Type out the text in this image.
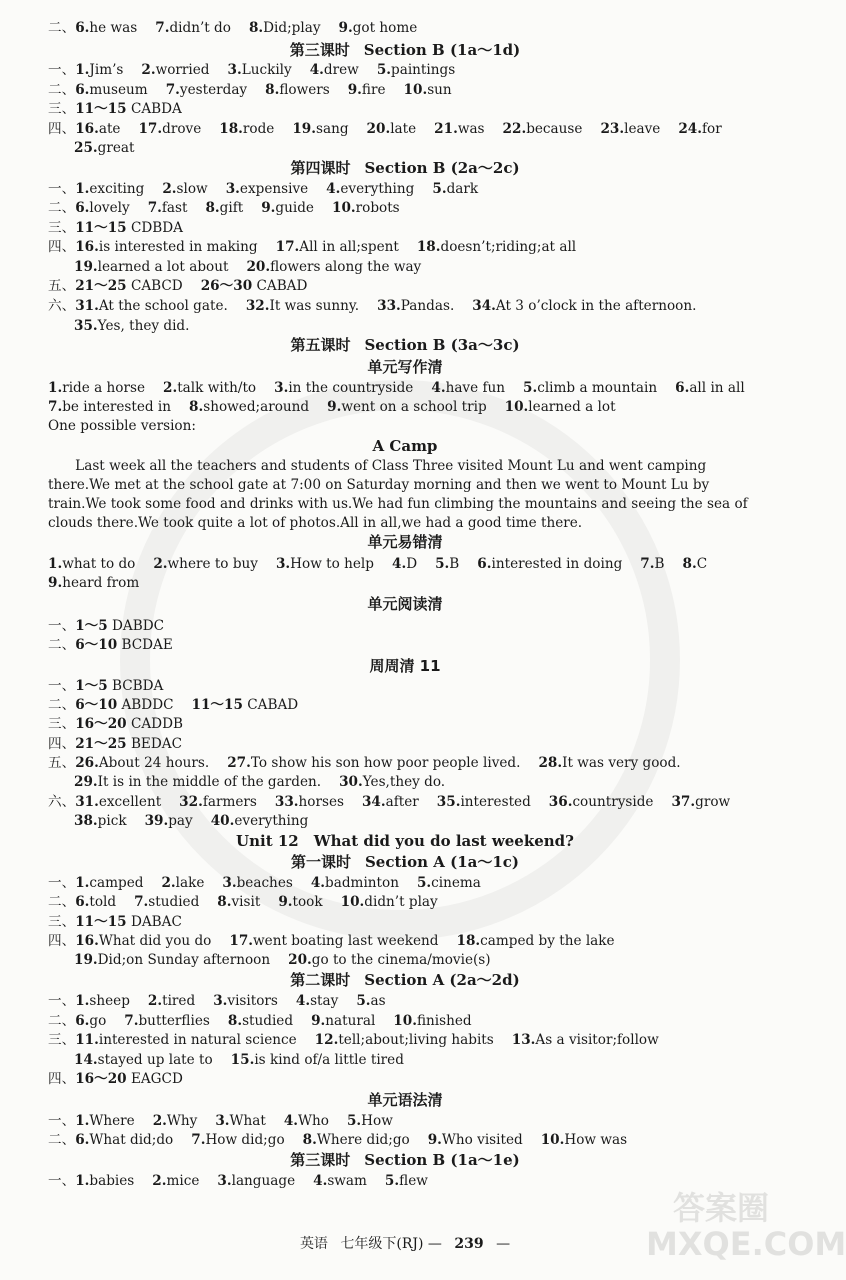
二、6.he was 7.didn’t do 8.Did;play 9.got home
第三课时 Section B (1a～1d)
一、1.Jim’s 2.worried 3.Luckily 4.drew 5.paintings
二、6.museum 7.yesterday 8.flowers 9.fire 10.sun
三、11～15 CABDA
四、16.ate 17.drove 18.rode 19.sang 20.late 21.was 22.because 23.leave 24.for
25.great
第四课时 Section B (2a～2c)
一、1.exciting 2.slow 3.expensive 4.everything 5.dark
二、6.lovely 7.fast 8.gift 9.guide 10.robots
三、11～15 CDBDA
四、16.is interested in making 17.All in all;spent 18.doesn’t;riding;at all
19.learned a lot about 20.flowers along the way
五、21～25 CABCD 26～30 CABAD
六、31.At the school gate. 32.It was sunny. 33.Pandas. 34.At 3 o’clock in the afternoon.
35.Yes, they did.
第五课时 Section B (3a～3c)
单元写作清
1.ride a horse 2.talk with/to 3.in the countryside 4.have fun 5.climb a mountain 6.all in all
7.be interested in 8.showed;around 9.went on a school trip 10.learned a lot
One possible version:
A Camp
　　Last week all the teachers and students of Class Three visited Mount Lu and went camping there.We met at the school gate at 7:00 on Saturday morning and then we went to Mount Lu by train.We took some food and drinks with us.We had fun climbing the mountains and seeing the sea of clouds there.We took quite a lot of photos.All in all,we had a good time there.
单元易错清
1.what to do 2.where to buy 3.How to help 4.D 5.B 6.interested in doing 7.B 8.C
9.heard from
单元阅读清
一、1～5 DABDC
二、6～10 BCDAE
周周清 11
一、1～5 BCBDA
二、6～10 ABDDC 11～15 CABAD
三、16～20 CADDB
四、21～25 BEDAC
五、26.About 24 hours. 27.To show his son how poor people lived. 28.It was very good.
29.It is in the middle of the garden. 30.Yes,they do.
六、31.excellent 32.farmers 33.horses 34.after 35.interested 36.countryside 37.grow
38.pick 39.pay 40.everything
Unit 12　What did you do last weekend?
第一课时 Section A (1a～1c)
一、1.camped 2.lake 3.beaches 4.badminton 5.cinema
二、6.told 7.studied 8.visit 9.took 10.didn’t play
三、11～15 DABAC
四、16.What did you do 17.went boating last weekend 18.camped by the lake
19.Did;on Sunday afternoon 20.go to the cinema/movie(s)
第二课时 Section A (2a～2d)
一、1.sheep 2.tired 3.visitors 4.stay 5.as
二、6.go 7.butterflies 8.studied 9.natural 10.finished
三、11.interested in natural science 12.tell;about;living habits 13.As a visitor;follow
14.stayed up late to 15.is kind of/a little tired
四、16～20 EAGCD
单元语法清
一、1.Where 2.Why 3.What 4.Who 5.How
二、6.What did;do 7.How did;go 8.Where did;go 9.Who visited 10.How was
第三课时 Section B (1a～1e)
一、1.babies 2.mice 3.language 4.swam 5.flew
答案圈 MXQE.COM
英语 七年级下(RJ) — 239 —
